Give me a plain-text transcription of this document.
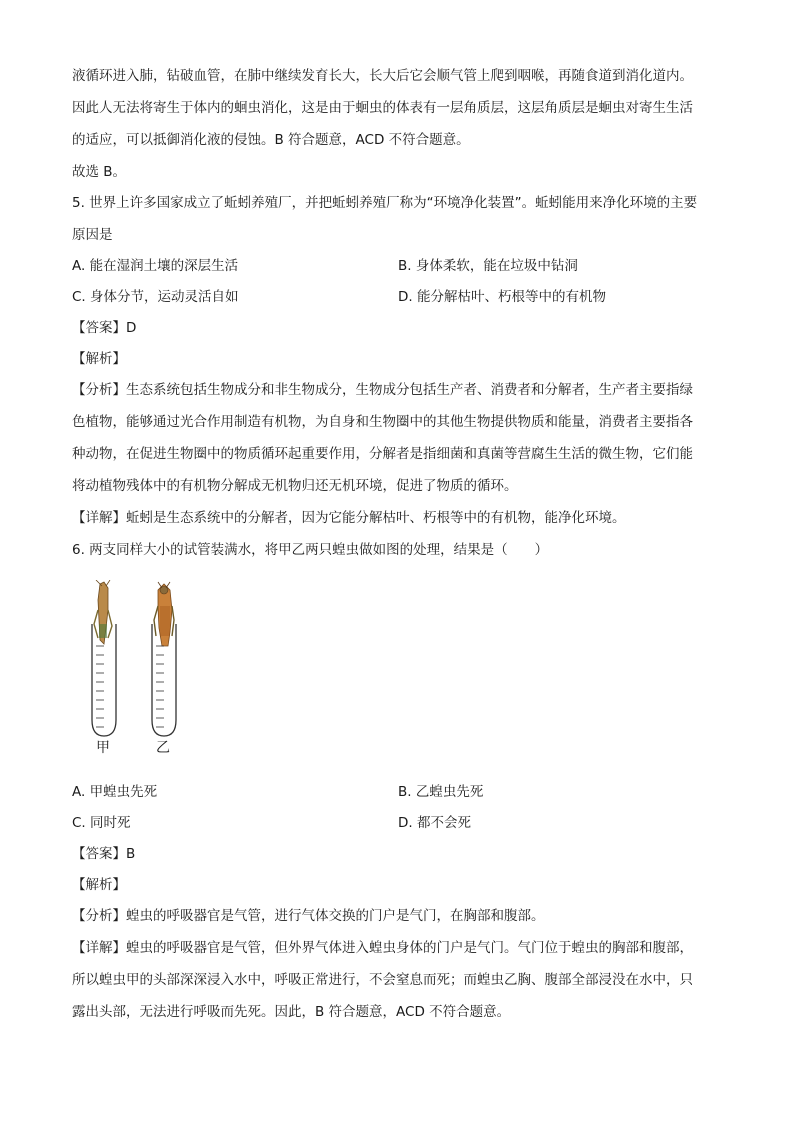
液循环进入肺，钻破血管，在肺中继续发育长大，长大后它会顺气管上爬到咽喉，再随食道到消化道内。
因此人无法将寄生于体内的蛔虫消化，这是由于蛔虫的体表有一层角质层，这层角质层是蛔虫对寄生生活
的适应，可以抵御消化液的侵蚀。B 符合题意，ACD 不符合题意。
故选 B。
5. 世界上许多国家成立了蚯蚓养殖厂，并把蚯蚓养殖厂称为“环境净化装置”。蚯蚓能用来净化环境的主要
原因是
A. 能在湿润土壤的深层生活	B. 身体柔软，能在垃圾中钻洞
C. 身体分节，运动灵活自如	D. 能分解枯叶、朽根等中的有机物
【答案】D
【解析】
【分析】生态系统包括生物成分和非生物成分，生物成分包括生产者、消费者和分解者，生产者主要指绿
色植物，能够通过光合作用制造有机物，为自身和生物圈中的其他生物提供物质和能量，消费者主要指各
种动物，在促进生物圈中的物质循环起重要作用，分解者是指细菌和真菌等营腐生生活的微生物，它们能
将动植物残体中的有机物分解成无机物归还无机环境，促进了物质的循环。
【详解】蚯蚓是生态系统中的分解者，因为它能分解枯叶、朽根等中的有机物，能净化环境。
6. 两支同样大小的试管装满水，将甲乙两只蝗虫做如图的处理，结果是（　　）
甲	乙
A. 甲蝗虫先死	B. 乙蝗虫先死
C. 同时死	D. 都不会死
【答案】B
【解析】
【分析】蝗虫的呼吸器官是气管，进行气体交换的门户是气门，在胸部和腹部。
【详解】蝗虫的呼吸器官是气管，但外界气体进入蝗虫身体的门户是气门。气门位于蝗虫的胸部和腹部，
所以蝗虫甲的头部深深浸入水中，呼吸正常进行，不会窒息而死；而蝗虫乙胸、腹部全部浸没在水中，只
露出头部，无法进行呼吸而先死。因此，B 符合题意，ACD 不符合题意。
